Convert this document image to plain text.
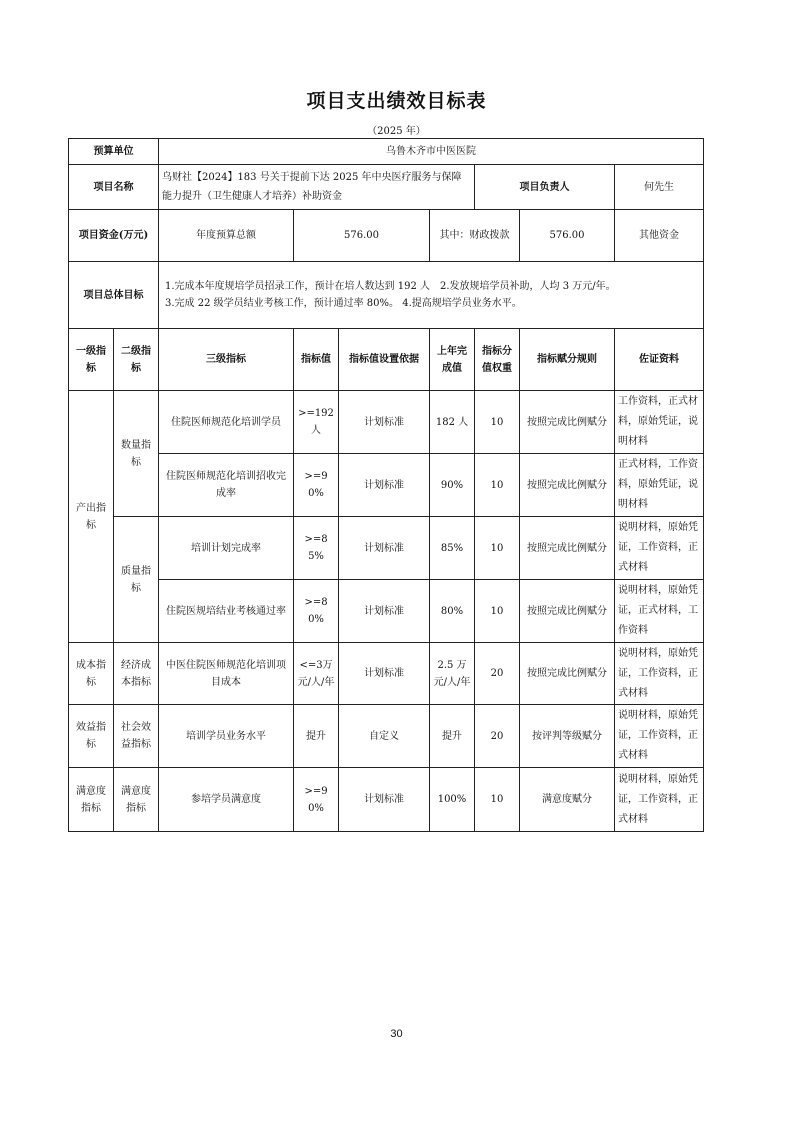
项目支出绩效目标表
（2025 年）
预算单位		乌鲁木齐市中医医院							
项目名称		乌财社【2024】183 号关于提前下达 2025 年中央医疗服务与保障能力提升（卫生健康人才培养）补助资金				项目负责人		何先生	
项目资金(万元)		年度预算总额	576.00		其中：财政拨款		576.00	其他资金	
项目总体目标		1.完成本年度规培学员招录工作，预计在培人数达到 192 人　2.发放规培学员补助，人均 3 万元/年。
3.完成 22 级学员结业考核工作，预计通过率 80%。 4.提高规培学员业务水平。							

一级指标	二级指标	三级指标	指标值	指标值设置依据	上年完成值	指标分值权重	指标赋分规则	佐证资料	
产出指标	数量指标	住院医师规范化培训学员	>=192人	计划标准	182 人	10	按照完成比例赋分	工作资料，正式材料，原始凭证，说明材料	
		住院医师规范化培训招收完成率	>=90%	计划标准	90%	10	按照完成比例赋分	正式材料，工作资料，原始凭证，说明材料	
	质量指标	培训计划完成率	>=85%	计划标准	85%	10	按照完成比例赋分	说明材料，原始凭证，工作资料，正式材料	
		住院医规培结业考核通过率	>=80%	计划标准	80%	10	按照完成比例赋分	说明材料，原始凭证，正式材料，工作资料	
成本指标	经济成本指标	中医住院医师规范化培训项目成本	<=3万元/人/年	计划标准	2.5 万元/人/年	20	按照完成比例赋分	说明材料，原始凭证，工作资料，正式材料	
效益指标	社会效益指标	培训学员业务水平	提升	自定义	提升	20	按评判等级赋分	说明材料，原始凭证，工作资料，正式材料	
满意度指标	满意度指标	参培学员满意度	>=90%	计划标准	100%	10	满意度赋分	说明材料，原始凭证，工作资料，正式材料	
30
